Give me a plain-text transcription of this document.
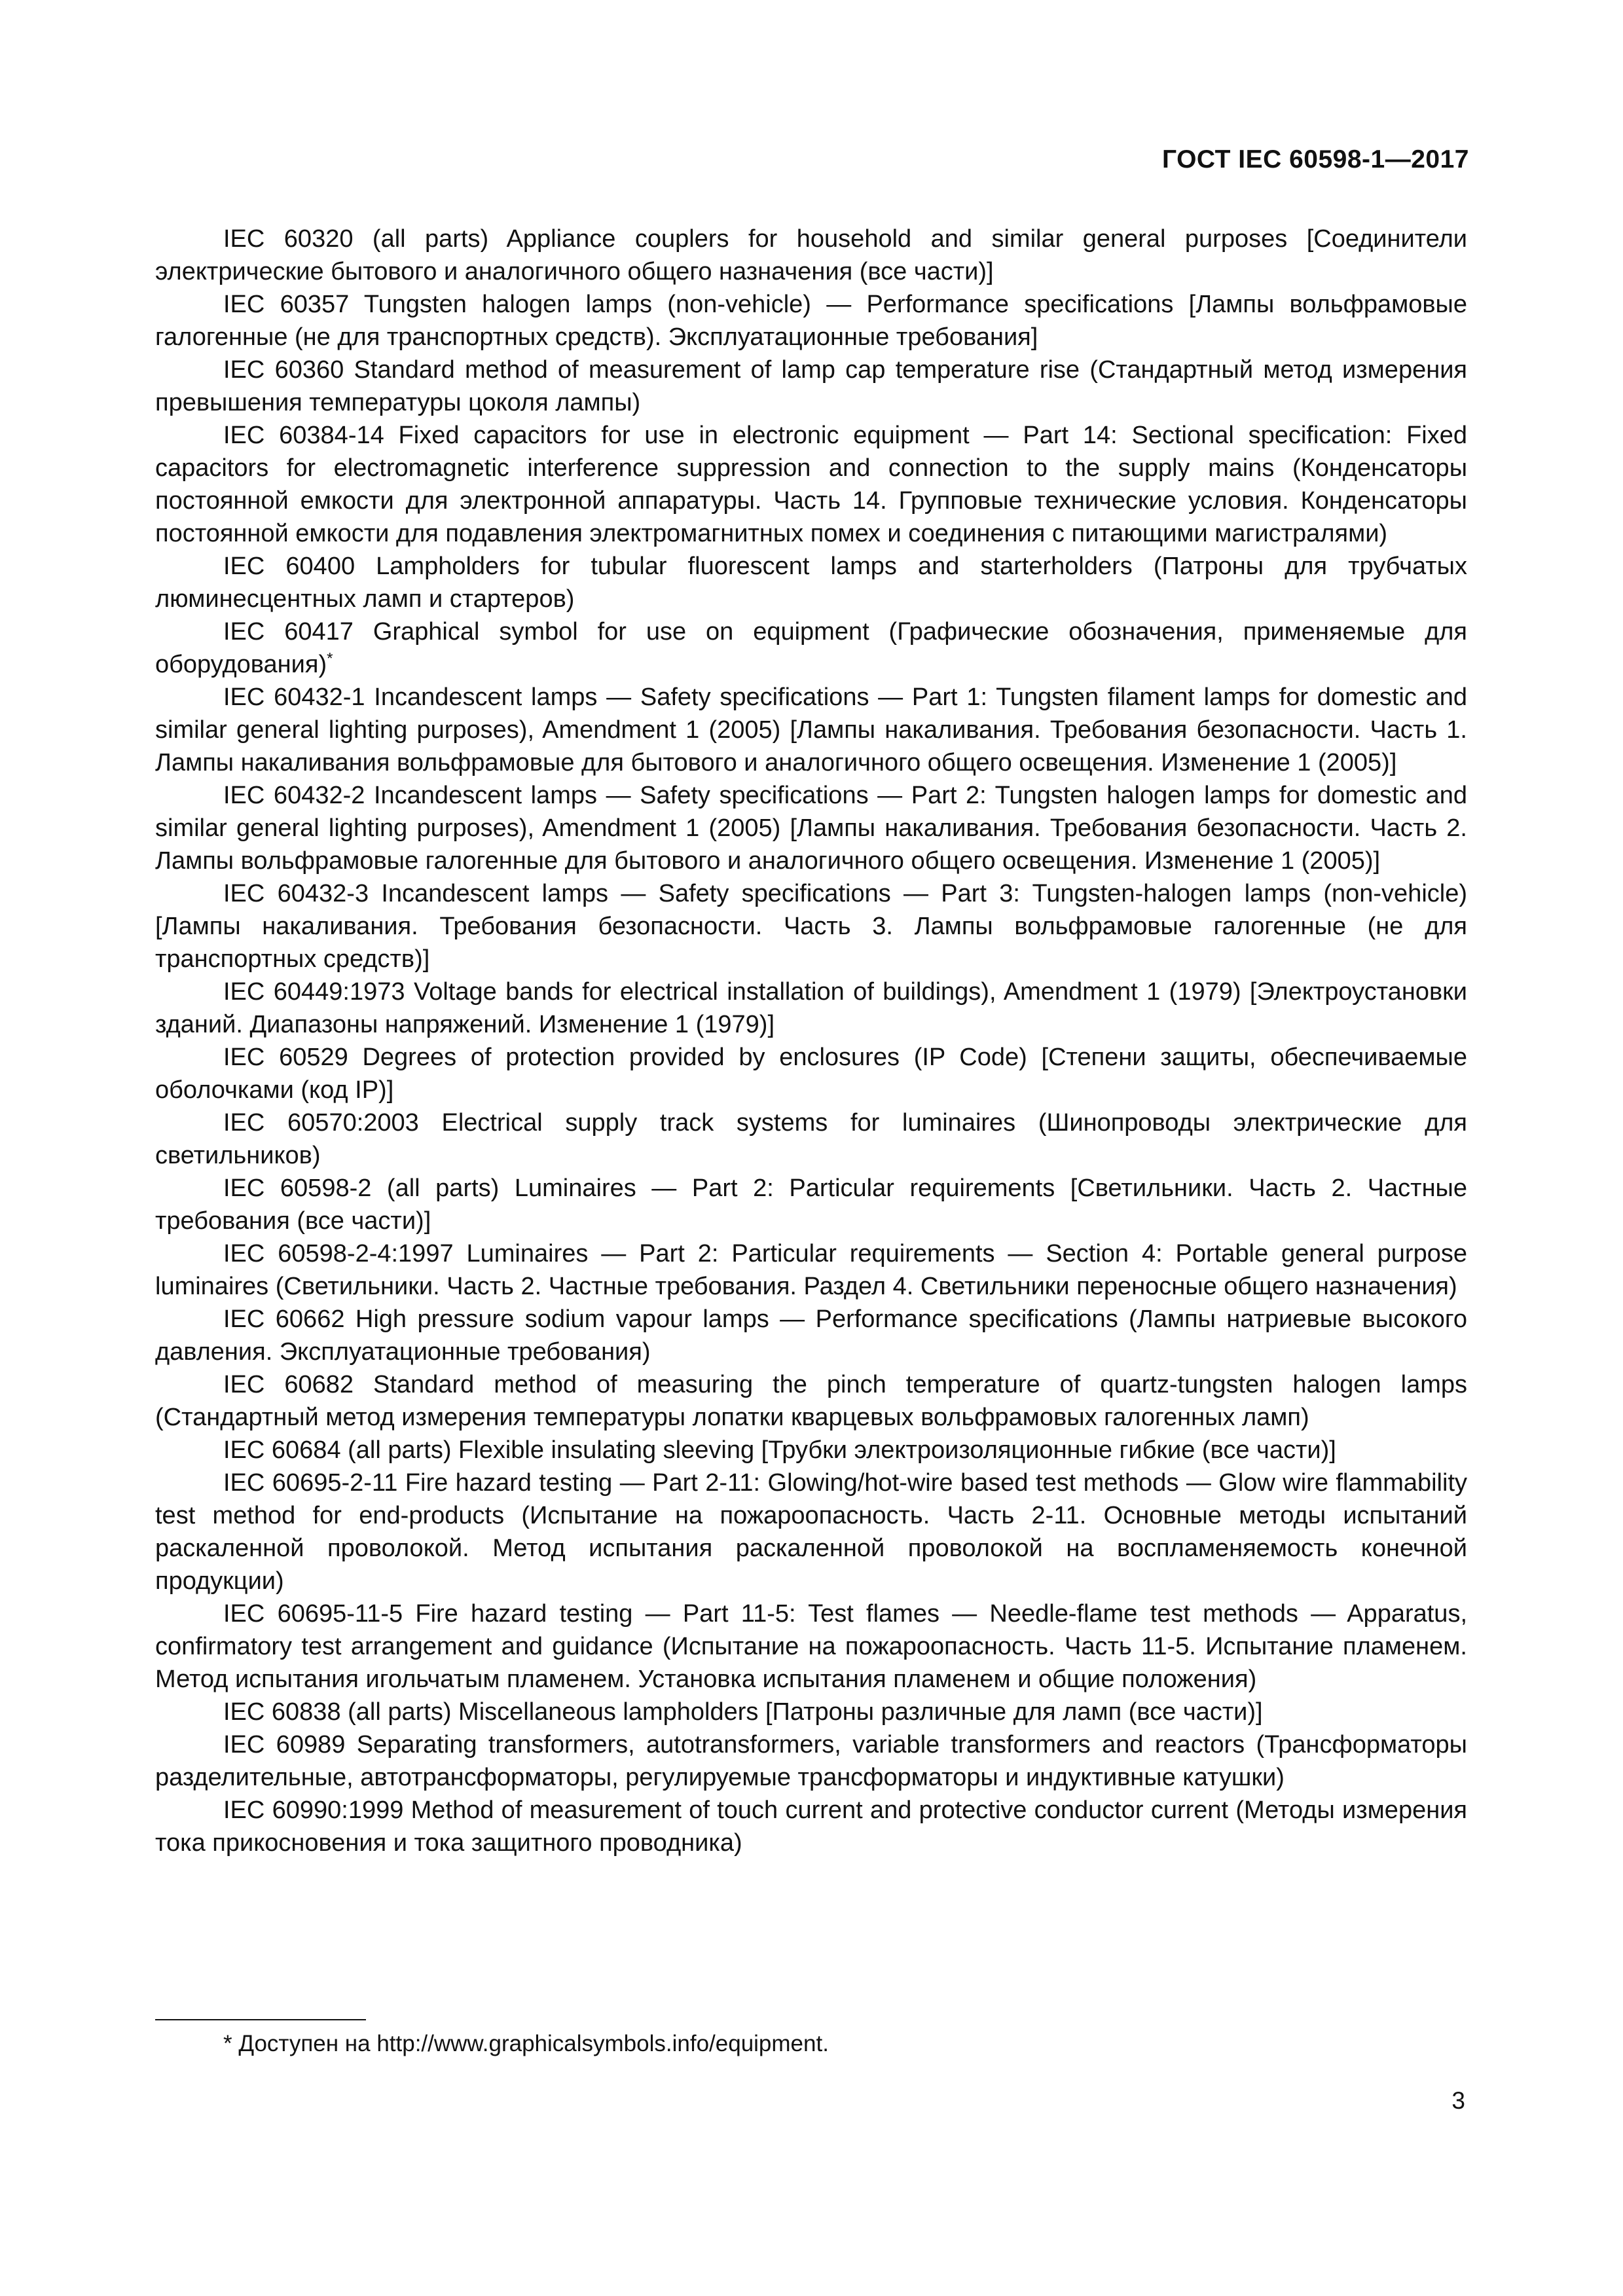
ГОСТ IEC 60598-1—2017

IEC 60320 (all parts) Appliance couplers for household and similar general purposes [Соединители электрические бытового и аналогичного общего назначения (все части)]

IEC 60357 Tungsten halogen lamps (non-vehicle) — Performance specifications [Лампы вольфрамовые галогенные (не для транспортных средств). Эксплуатационные требования]

IEC 60360 Standard method of measurement of lamp cap temperature rise (Стандартный метод измерения превышения температуры цоколя лампы)

IEC 60384-14 Fixed capacitors for use in electronic equipment — Part 14: Sectional specification: Fixed capacitors for electromagnetic interference suppression and connection to the supply mains (Конденсаторы постоянной емкости для электронной аппаратуры. Часть 14. Групповые технические условия. Конденсаторы постоянной емкости для подавления электромагнитных помех и соединения с питающими магистралями)

IEC 60400 Lampholders for tubular fluorescent lamps and starterholders (Патроны для трубчатых люминесцентных ламп и стартеров)

IEC 60417 Graphical symbol for use on equipment (Графические обозначения, применяемые для оборудования)*

IEC 60432-1 Incandescent lamps — Safety specifications — Part 1: Tungsten filament lamps for domestic and similar general lighting purposes), Amendment 1 (2005) [Лампы накаливания. Требования безопасности. Часть 1. Лампы накаливания вольфрамовые для бытового и аналогичного общего освещения. Изменение 1 (2005)]

IEC 60432-2 Incandescent lamps — Safety specifications — Part 2: Tungsten halogen lamps for domestic and similar general lighting purposes), Amendment 1 (2005) [Лампы накаливания. Требования безопасности. Часть 2. Лампы вольфрамовые галогенные для бытового и аналогичного общего освещения. Изменение 1 (2005)]

IEC 60432-3 Incandescent lamps — Safety specifications — Part 3: Tungsten-halogen lamps (non-vehicle) [Лампы накаливания. Требования безопасности. Часть 3. Лампы вольфрамовые галогенные (не для транспортных средств)]

IEC 60449:1973 Voltage bands for electrical installation of buildings), Amendment 1 (1979) [Электроустановки зданий. Диапазоны напряжений. Изменение 1 (1979)]

IEC 60529 Degrees of protection provided by enclosures (IP Code) [Степени защиты, обеспечиваемые оболочками (код IP)]

IEC 60570:2003 Electrical supply track systems for luminaires (Шинопроводы электрические для светильников)

IEC 60598-2 (all parts) Luminaires — Part 2: Particular requirements [Светильники. Часть 2. Частные требования (все части)]

IEC 60598-2-4:1997 Luminaires — Part 2: Particular requirements — Section 4: Portable general purpose luminaires (Светильники. Часть 2. Частные требования. Раздел 4. Светильники переносные общего назначения)

IEC 60662 High pressure sodium vapour lamps — Performance specifications (Лампы натриевые высокого давления. Эксплуатационные требования)

IEC 60682 Standard method of measuring the pinch temperature of quartz-tungsten halogen lamps (Стандартный метод измерения температуры лопатки кварцевых вольфрамовых галогенных ламп)

IEC 60684 (all parts) Flexible insulating sleeving [Трубки электроизоляционные гибкие (все части)]

IEC 60695-2-11 Fire hazard testing — Part 2-11: Glowing/hot-wire based test methods — Glow wire flammability test method for end-products (Испытание на пожароопасность. Часть 2-11. Основные методы испытаний раскаленной проволокой. Метод испытания раскаленной проволокой на воспламеняемость конечной продукции)

IEC 60695-11-5 Fire hazard testing — Part 11-5: Test flames — Needle-flame test methods — Apparatus, confirmatory test arrangement and guidance (Испытание на пожароопасность. Часть 11-5. Испытание пламенем. Метод испытания игольчатым пламенем. Установка испытания пламенем и общие положения)

IEC 60838 (all parts) Miscellaneous lampholders [Патроны различные для ламп (все части)]

IEC 60989 Separating transformers, autotransformers, variable transformers and reactors (Трансформаторы разделительные, автотрансформаторы, регулируемые трансформаторы и индуктивные катушки)

IEC 60990:1999 Method of measurement of touch current and protective conductor current (Методы измерения тока прикосновения и тока защитного проводника)

* Доступен на http://www.graphicalsymbols.info/equipment.
3
